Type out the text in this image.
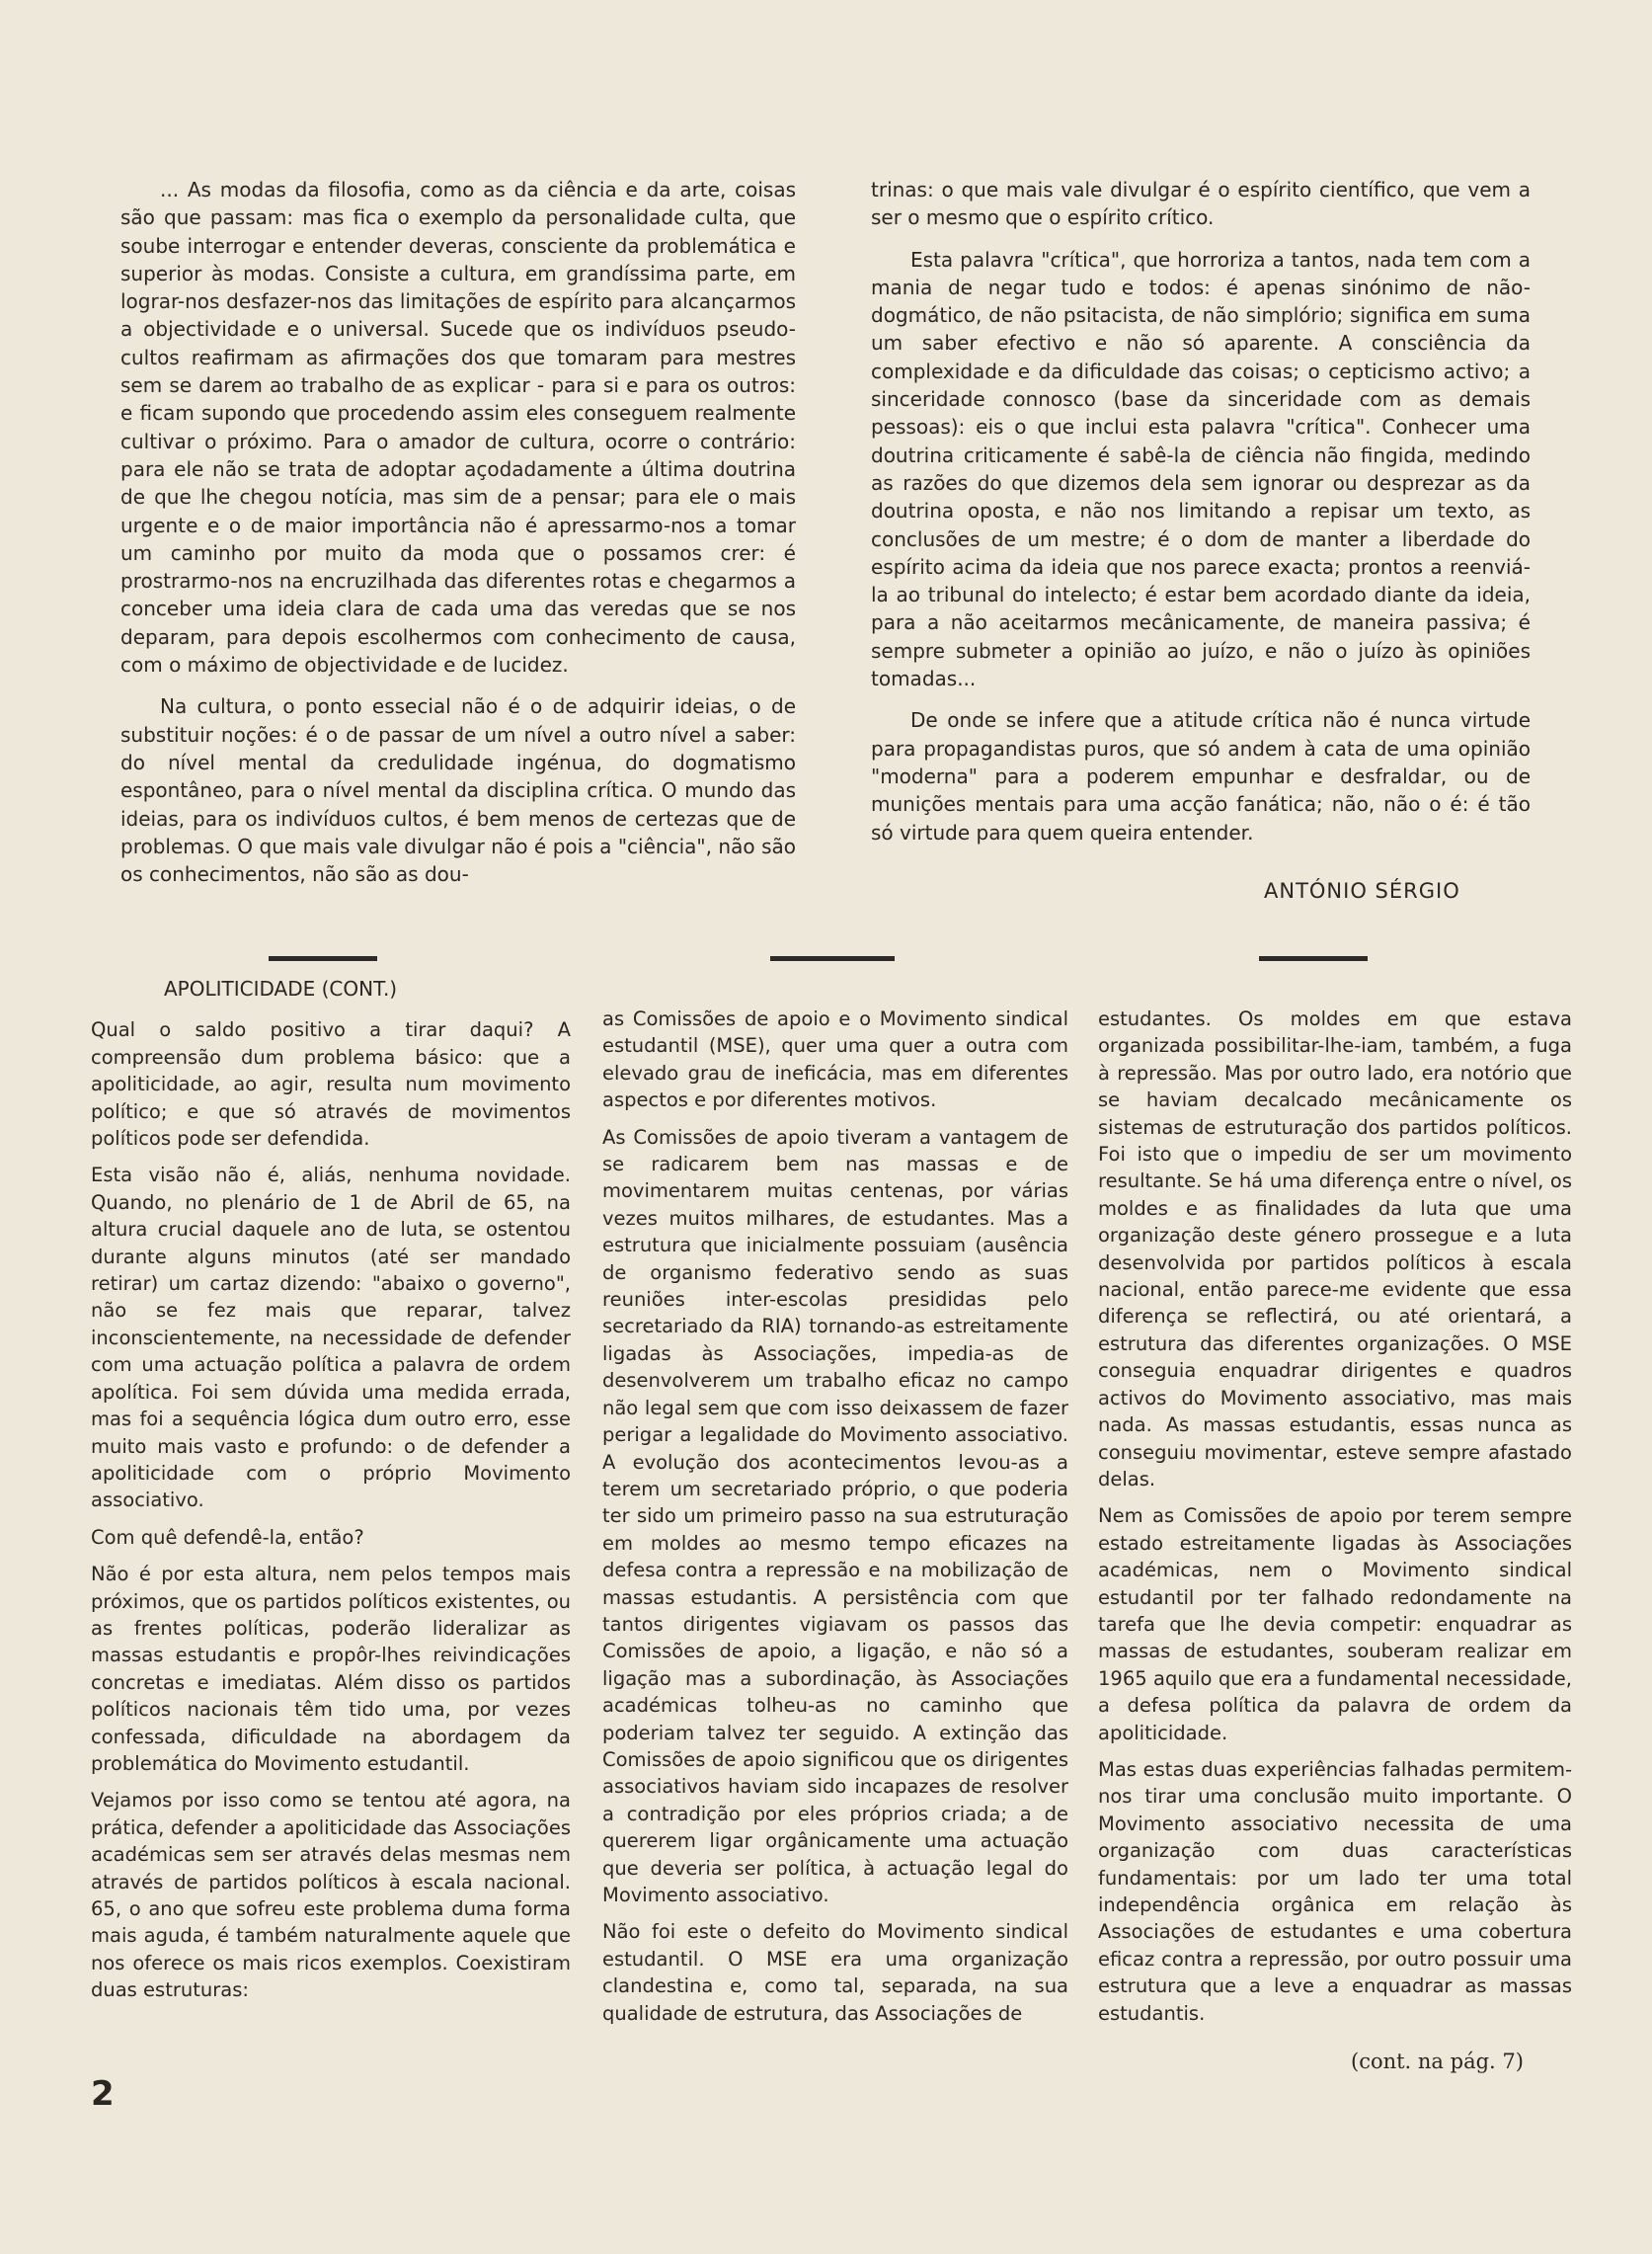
... As modas da filosofia, como as da ciência e da arte, coisas são que passam: mas fica o exemplo da personalidade culta, que soube interrogar e entender deveras, consciente da problemática e superior às modas. Consiste a cultura, em grandíssima parte, em lograr-nos desfazer-nos das limitações de espírito para alcançarmos a objectividade e o universal. Sucede que os indivíduos pseudo-cultos reafirmam as afirmações dos que tomaram para mestres sem se darem ao trabalho de as explicar - para si e para os outros: e ficam supondo que procedendo assim eles conseguem realmente cultivar o próximo. Para o amador de cultura, ocorre o contrário: para ele não se trata de adoptar açodadamente a última doutrina de que lhe chegou notícia, mas sim de a pensar; para ele o mais urgente e o de maior importância não é apressarmo-nos a tomar um caminho por muito da moda que o possamos crer: é prostrarmo-nos na encruzilhada das diferentes rotas e chegarmos a conceber uma ideia clara de cada uma das veredas que se nos deparam, para depois escolhermos com conhecimento de causa, com o máximo de objectividade e de lucidez.

Na cultura, o ponto essecial não é o de adquirir ideias, o de substituir noções: é o de passar de um nível a outro nível a saber: do nível mental da credulidade ingénua, do dogmatismo espontâneo, para o nível mental da disciplina crítica. O mundo das ideias, para os indivíduos cultos, é bem menos de certezas que de problemas. O que mais vale divulgar não é pois a "ciência", não são os conhecimentos, não são as dou-

trinas: o que mais vale divulgar é o espírito científico, que vem a ser o mesmo que o espírito crítico.

Esta palavra "crítica", que horroriza a tantos, nada tem com a mania de negar tudo e todos: é apenas sinónimo de não-dogmático, de não psitacista, de não simplório; significa em suma um saber efectivo e não só aparente. A consciência da complexidade e da dificuldade das coisas; o cepticismo activo; a sinceridade connosco (base da sinceridade com as demais pessoas): eis o que inclui esta palavra "crítica". Conhecer uma doutrina criticamente é sabê-la de ciência não fingida, medindo as razões do que dizemos dela sem ignorar ou desprezar as da doutrina oposta, e não nos limitando a repisar um texto, as conclusões de um mestre; é o dom de manter a liberdade do espírito acima da ideia que nos parece exacta; prontos a reenviá-la ao tribunal do intelecto; é estar bem acordado diante da ideia, para a não aceitarmos mecânicamente, de maneira passiva; é sempre submeter a opinião ao juízo, e não o juízo às opiniões tomadas...

De onde se infere que a atitude crítica não é nunca virtude para propagandistas puros, que só andem à cata de uma opinião "moderna" para a poderem empunhar e desfraldar, ou de munições mentais para uma acção fanática; não, não o é: é tão só virtude para quem queira entender.

ANTÓNIO SÉRGIO

APOLITICIDADE (CONT.)

Qual o saldo positivo a tirar daqui? A compreensão dum problema básico: que a apoliticidade, ao agir, resulta num movimento político; e que só através de movimentos políticos pode ser defendida.

Esta visão não é, aliás, nenhuma novidade. Quando, no plenário de 1 de Abril de 65, na altura crucial daquele ano de luta, se ostentou durante alguns minutos (até ser mandado retirar) um cartaz dizendo: "abaixo o governo", não se fez mais que reparar, talvez inconscientemente, na necessidade de defender com uma actuação política a palavra de ordem apolítica. Foi sem dúvida uma medida errada, mas foi a sequência lógica dum outro erro, esse muito mais vasto e profundo: o de defender a apoliticidade com o próprio Movimento associativo.

Com quê defendê-la, então?

Não é por esta altura, nem pelos tempos mais próximos, que os partidos políticos existentes, ou as frentes políticas, poderão lideralizar as massas estudantis e propôr-lhes reivindicações concretas e imediatas. Além disso os partidos políticos nacionais têm tido uma, por vezes confessada, dificuldade na abordagem da problemática do Movimento estudantil.

Vejamos por isso como se tentou até agora, na prática, defender a apoliticidade das Associações académicas sem ser através delas mesmas nem através de partidos políticos à escala nacional. 65, o ano que sofreu este problema duma forma mais aguda, é também naturalmente aquele que nos oferece os mais ricos exemplos. Coexistiram duas estruturas:

as Comissões de apoio e o Movimento sindical estudantil (MSE), quer uma quer a outra com elevado grau de ineficácia, mas em diferentes aspectos e por diferentes motivos.

As Comissões de apoio tiveram a vantagem de se radicarem bem nas massas e de movimentarem muitas centenas, por várias vezes muitos milhares, de estudantes. Mas a estrutura que inicialmente possuiam (ausência de organismo federativo sendo as suas reuniões inter-escolas presididas pelo secretariado da RIA) tornando-as estreitamente ligadas às Associações, impedia-as de desenvolverem um trabalho eficaz no campo não legal sem que com isso deixassem de fazer perigar a legalidade do Movimento associativo. A evolução dos acontecimentos levou-as a terem um secretariado próprio, o que poderia ter sido um primeiro passo na sua estruturação em moldes ao mesmo tempo eficazes na defesa contra a repressão e na mobilização de massas estudantis. A persistência com que tantos dirigentes vigiavam os passos das Comissões de apoio, a ligação, e não só a ligação mas a subordinação, às Associações académicas tolheu-as no caminho que poderiam talvez ter seguido. A extinção das Comissões de apoio significou que os dirigentes associativos haviam sido incapazes de resolver a contradição por eles próprios criada; a de quererem ligar orgânicamente uma actuação que deveria ser política, à actuação legal do Movimento associativo.

Não foi este o defeito do Movimento sindical estudantil. O MSE era uma organização clandestina e, como tal, separada, na sua qualidade de estrutura, das Associações de

estudantes. Os moldes em que estava organizada possibilitar-lhe-iam, também, a fuga à repressão. Mas por outro lado, era notório que se haviam decalcado mecânicamente os sistemas de estruturação dos partidos políticos. Foi isto que o impediu de ser um movimento resultante. Se há uma diferença entre o nível, os moldes e as finalidades da luta que uma organização deste género prossegue e a luta desenvolvida por partidos políticos à escala nacional, então parece-me evidente que essa diferença se reflectirá, ou até orientará, a estrutura das diferentes organizações. O MSE conseguia enquadrar dirigentes e quadros activos do Movimento associativo, mas mais nada. As massas estudantis, essas nunca as conseguiu movimentar, esteve sempre afastado delas.

Nem as Comissões de apoio por terem sempre estado estreitamente ligadas às Associações académicas, nem o Movimento sindical estudantil por ter falhado redondamente na tarefa que lhe devia competir: enquadrar as massas de estudantes, souberam realizar em 1965 aquilo que era a fundamental necessidade, a defesa política da palavra de ordem da apoliticidade.

Mas estas duas experiências falhadas permitem-nos tirar uma conclusão muito importante. O Movimento associativo necessita de uma organização com duas características fundamentais: por um lado ter uma total independência orgânica em relação às Associações de estudantes e uma cobertura eficaz contra a repressão, por outro possuir uma estrutura que a leve a enquadrar as massas estudantis.

(cont. na pág. 7)
2
